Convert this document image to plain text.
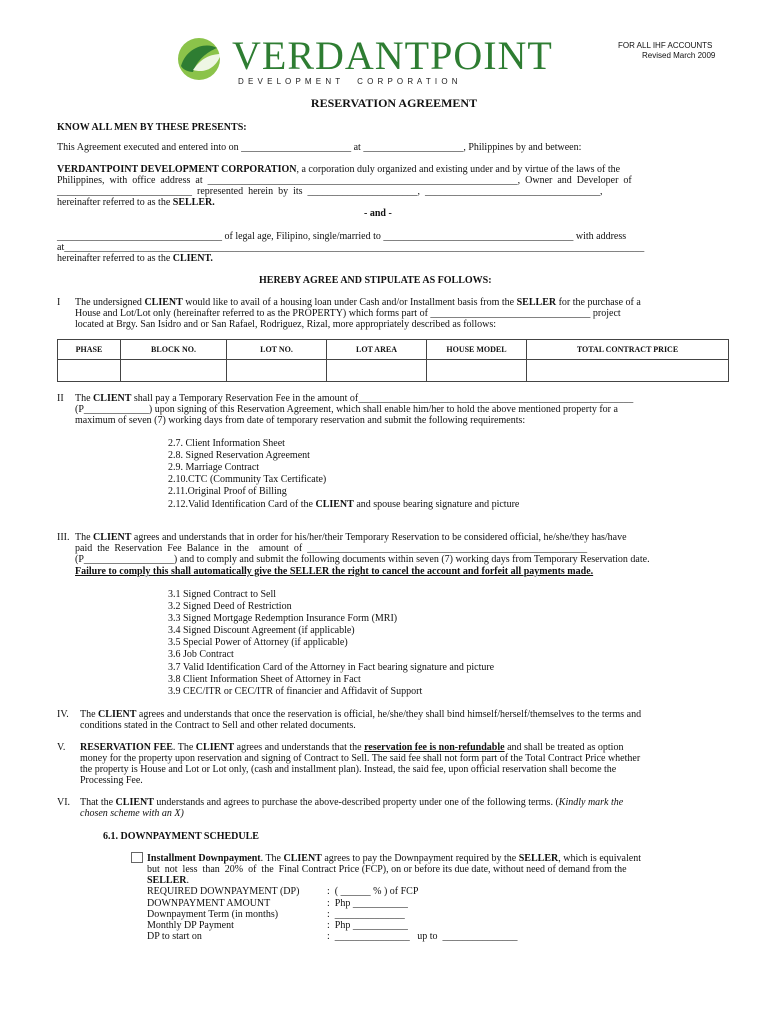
VERDANTPOINT
D E V E L O P M E N T     C O R P O R A T I O N
FOR ALL IHF ACCOUNTS
Revised March 2009
RESERVATION AGREEMENT
KNOW ALL MEN BY THESE PRESENTS:
This Agreement executed and entered into on ______________________ at ____________________, Philippines by and between:
VERDANTPOINT DEVELOPMENT CORPORATION, a corporation duly organized and existing under and by virtue of the laws of the
Philippines,  with  office  address  at  ______________________________________________________________,  Owner  and  Developer  of
___________________________  represented  herein  by  its  ______________________,  ___________________________________,
hereinafter referred to as the SELLER.
- and -
_________________________________ of legal age, Filipino, single/married to ______________________________________ with address
at____________________________________________________________________________________________________________________
hereinafter referred to as the CLIENT.
HEREBY AGREE AND STIPULATE AS FOLLOWS:
I The undersigned CLIENT would like to avail of a housing loan under Cash and/or Installment basis from the SELLER for the purchase of a
House and Lot/Lot only (hereinafter referred to as the PROPERTY) which forms part of ________________________________ project
located at Brgy. San Isidro and or San Rafael, Rodriguez, Rizal, more appropriately described as follows:
PHASE	BLOCK NO.	LOT NO.	LOT AREA	HOUSE MODEL	TOTAL CONTRACT PRICE

II The CLIENT shall pay a Temporary Reservation Fee in the amount of_______________________________________________________
(P_____________) upon signing of this Reservation Agreement, which shall enable him/her to hold the above mentioned property for a
maximum of seven (7) working days from date of temporary reservation and submit the following requirements:
2.7. Client Information Sheet
2.8. Signed Reservation Agreement
2.9. Marriage Contract
2.10.CTC (Community Tax Certificate)
2.11.Original Proof of Billing
2.12.Valid Identification Card of the CLIENT and spouse bearing signature and picture
III. The CLIENT agrees and understands that in order for his/her/their Temporary Reservation to be considered official, he/she/they has/have
paid  the  Reservation  Fee  Balance  in  the    amount  of  ________________________________________________________
(P__________________) and to comply and submit the following documents within seven (7) working days from Temporary Reservation date.
Failure to comply this shall automatically give the SELLER the right to cancel the account and forfeit all payments made.
3.1 Signed Contract to Sell
3.2 Signed Deed of Restriction
3.3 Signed Mortgage Redemption Insurance Form (MRI)
3.4 Signed Discount Agreement (if applicable)
3.5 Special Power of Attorney (if applicable)
3.6 Job Contract
3.7 Valid Identification Card of the Attorney in Fact bearing signature and picture
3.8 Client Information Sheet of Attorney in Fact
3.9 CEC/ITR or CEC/ITR of financier and Affidavit of Support
IV. The CLIENT agrees and understands that once the reservation is official, he/she/they shall bind himself/herself/themselves to the terms and
conditions stated in the Contract to Sell and other related documents.
V. RESERVATION FEE. The CLIENT agrees and understands that the reservation fee is non-refundable and shall be treated as option
money for the property upon reservation and signing of Contract to Sell. The said fee shall not form part of the Total Contract Price whether
the property is House and Lot or Lot only, (cash and installment plan). Instead, the said fee, upon official reservation shall become the
Processing Fee.
VI. That the CLIENT understands and agrees to purchase the above-described property under one of the following terms. (Kindly mark the
chosen scheme with an X)
6.1. DOWNPAYMENT SCHEDULE
Installment Downpayment. The CLIENT agrees to pay the Downpayment required by the SELLER, which is equivalent
but  not  less  than  20%  of  the  Final Contract Price (FCP), on or before its due date, without need of demand from the
SELLER.
REQUIRED DOWNPAYMENT (DP)	:  ( ______ % ) of FCP
DOWNPAYMENT AMOUNT	:  Php ___________
Downpayment Term (in months)	:  ______________
Monthly DP Payment	:  Php ___________
DP to start on	:  _______________   up to  _______________
